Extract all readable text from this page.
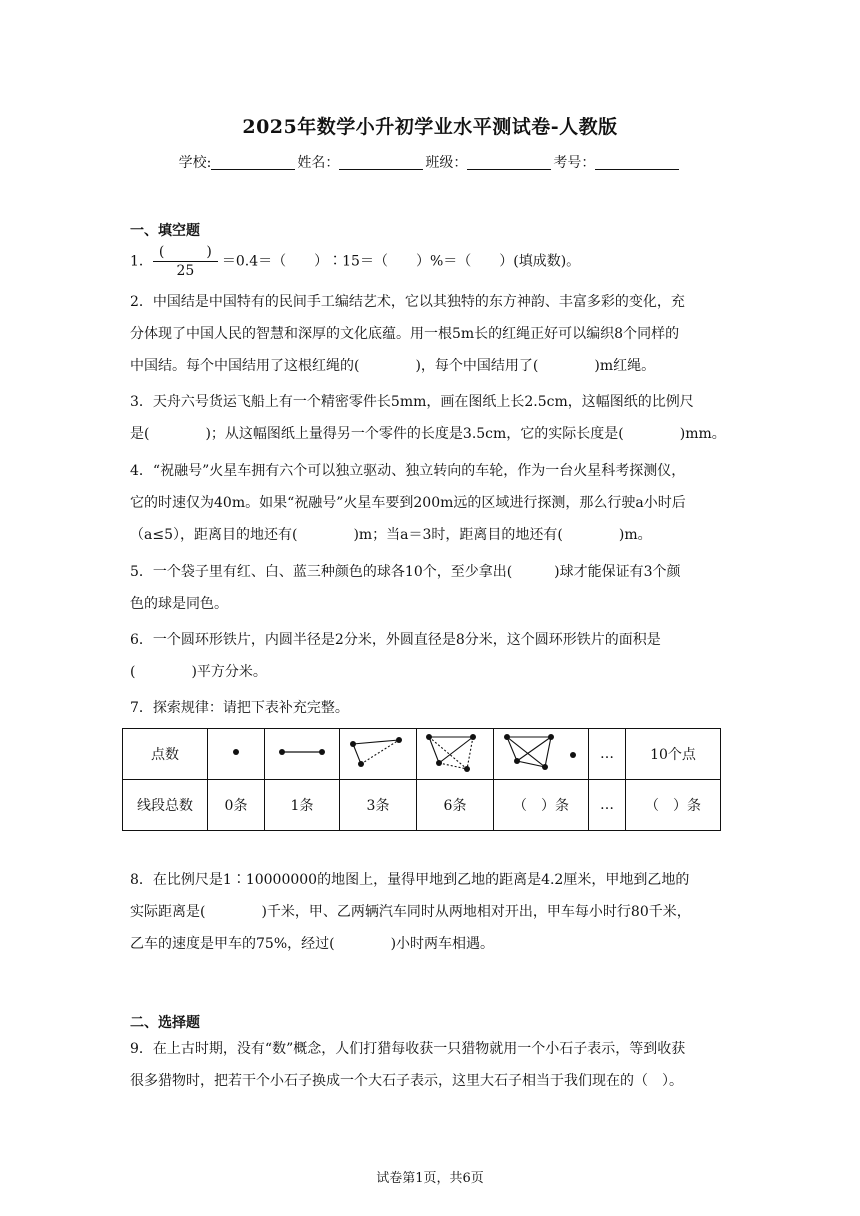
2025年数学小升初学业水平测试卷-人教版
学校:	姓名：	班级：	考号：
一、填空题
1． $\frac{( )}{25} =0.4=$（　　）∶15＝（　　）%＝（　　）(填成数)。
2．中国结是中国特有的民间手工编结艺术，它以其独特的东方神韵、丰富多彩的变化，充
分体现了中国人民的智慧和深厚的文化底蕴。用一根5m长的红绳正好可以编织8个同样的
中国结。每个中国结用了这根红绳的(　　　　)，每个中国结用了(　　　　)m红绳。
3．天舟六号货运飞船上有一个精密零件长5mm，画在图纸上长2.5cm，这幅图纸的比例尺
是(　　　　)；从这幅图纸上量得另一个零件的长度是3.5cm，它的实际长度是(　　　　)mm。
4．“祝融号”火星车拥有六个可以独立驱动、独立转向的车轮，作为一台火星科考探测仪，
它的时速仅为40m。如果“祝融号”火星车要到200m远的区域进行探测，那么行驶a小时后
（a≤5），距离目的地还有(　　　　)m；当a＝3时，距离目的地还有(　　　　)m。
5．一个袋子里有红、白、蓝三种颜色的球各10个，至少拿出(　　　)球才能保证有3个颜
色的球是同色。
6．一个圆环形铁片，内圆半径是2分米，外圆直径是8分米，这个圆环形铁片的面积是
(　　　　)平方分米。
7．探索规律：请把下表补充完整。
点数						…	10个点
线段总数	0条	1条	3条	6条	（　）条	…	（　）条
8．在比例尺是1∶10000000的地图上，量得甲地到乙地的距离是4.2厘米，甲地到乙地的
实际距离是(　　　　)千米，甲、乙两辆汽车同时从两地相对开出，甲车每小时行80千米，
乙车的速度是甲车的75%，经过(　　　　)小时两车相遇。
二、选择题
9．在上古时期，没有“数”概念，人们打猎每收获一只猎物就用一个小石子表示，等到收获
很多猎物时，把若干个小石子换成一个大石子表示，这里大石子相当于我们现在的（　）。
试卷第1页，共6页
